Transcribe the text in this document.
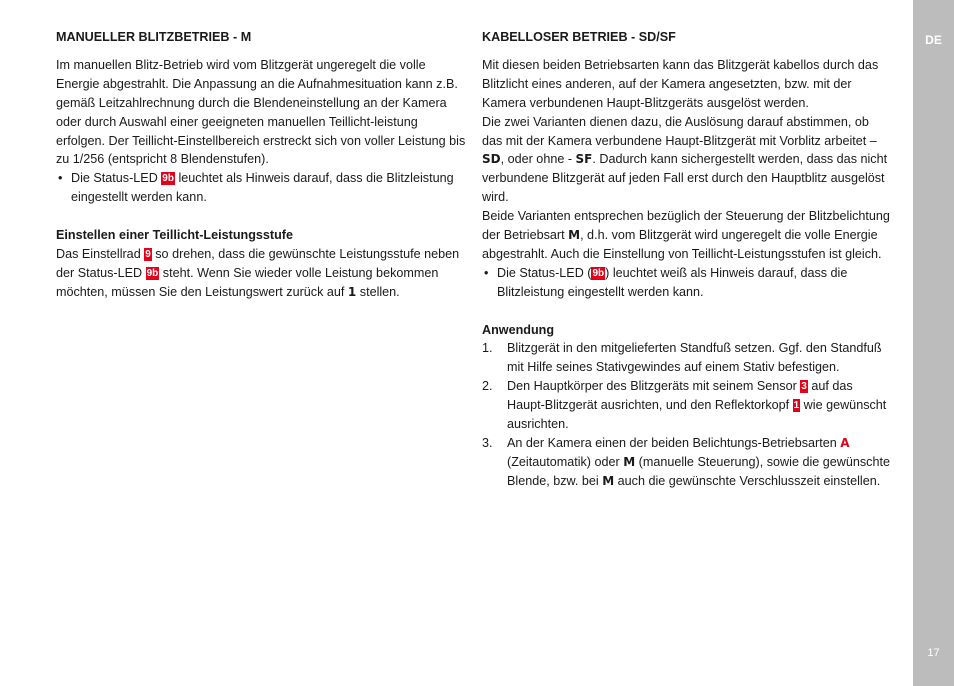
DE
17
MANUELLER BLITZBETRIEB - M

Im manuellen Blitz-Betrieb wird vom Blitzgerät ungeregelt die volle Energie abgestrahlt. Die Anpassung an die Aufnahmesituation kann z.B. gemäß Leitzahlrechnung durch die Blendeneinstellung an der Kamera oder durch Auswahl einer geeigneten manuellen Teillicht-leistung erfolgen. Der Teillicht-Einstellbereich erstreckt sich von voller Leistung bis zu 1/256 (entspricht 8 Blendenstufen).

• Die Status-LED 9b leuchtet als Hinweis darauf, dass die Blitzleistung eingestellt werden kann.
Einstellen einer Teillicht-Leistungsstufe

Das Einstellrad 9 so drehen, dass die gewünschte Leistungsstufe neben der Status-LED 9b steht. Wenn Sie wieder volle Leistung bekommen möchten, müssen Sie den Leistungswert zurück auf 1 stellen.

KABELLOSER BETRIEB - SD/SF

Mit diesen beiden Betriebsarten kann das Blitzgerät kabellos durch das Blitzlicht eines anderen, auf der Kamera angesetzten, bzw. mit der Kamera verbundenen Haupt-Blitzgeräts ausgelöst werden.

Die zwei Varianten dienen dazu, die Auslösung darauf abstimmen, ob das mit der Kamera verbundene Haupt-Blitzgerät mit Vorblitz arbeitet – SD, oder ohne - SF. Dadurch kann sichergestellt werden, dass das nicht verbundene Blitzgerät auf jeden Fall erst durch den Hauptblitz ausgelöst wird.

Beide Varianten entsprechen bezüglich der Steuerung der Blitzbelichtung der Betriebsart M, d.h. vom Blitzgerät wird ungeregelt die volle Energie abgestrahlt. Auch die Einstellung von Teillicht-Leistungsstufen ist gleich.

• Die Status-LED (9b) leuchtet weiß als Hinweis darauf, dass die Blitzleistung eingestellt werden kann.
Anwendung
1. Blitzgerät in den mitgelieferten Standfuß setzen. Ggf. den Standfuß mit Hilfe seines Stativgewindes auf einem Stativ befestigen.
2. Den Hauptkörper des Blitzgeräts mit seinem Sensor 3 auf das Haupt-Blitzgerät ausrichten, und den Reflektorkopf 1 wie gewünscht ausrichten.
3. An der Kamera einen der beiden Belichtungs-Betriebsarten A (Zeitautomatik) oder M (manuelle Steuerung), sowie die gewünschte Blende, bzw. bei M auch die gewünschte Verschlusszeit einstellen.
